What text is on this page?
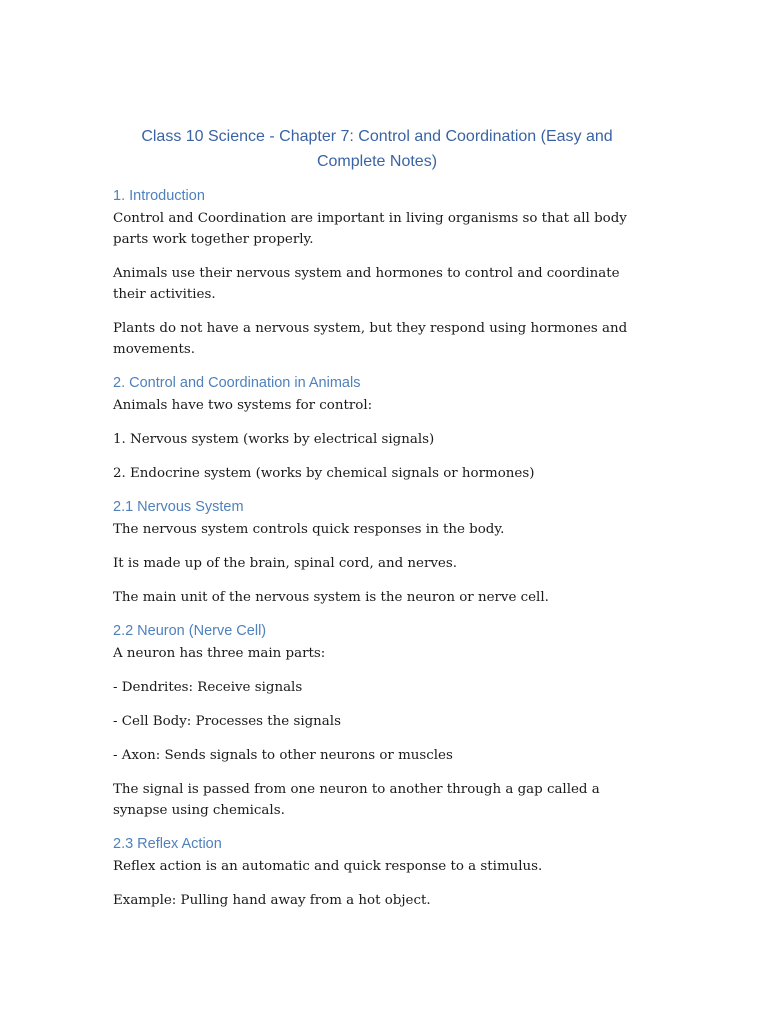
Class 10 Science - Chapter 7: Control and Coordination (Easy and Complete Notes)
1. Introduction
Control and Coordination are important in living organisms so that all body parts work together properly.
Animals use their nervous system and hormones to control and coordinate their activities.
Plants do not have a nervous system, but they respond using hormones and movements.
2. Control and Coordination in Animals
Animals have two systems for control:
1. Nervous system (works by electrical signals)
2. Endocrine system (works by chemical signals or hormones)
2.1 Nervous System
The nervous system controls quick responses in the body.
It is made up of the brain, spinal cord, and nerves.
The main unit of the nervous system is the neuron or nerve cell.
2.2 Neuron (Nerve Cell)
A neuron has three main parts:
- Dendrites: Receive signals
- Cell Body: Processes the signals
- Axon: Sends signals to other neurons or muscles
The signal is passed from one neuron to another through a gap called a synapse using chemicals.
2.3 Reflex Action
Reflex action is an automatic and quick response to a stimulus.
Example: Pulling hand away from a hot object.
